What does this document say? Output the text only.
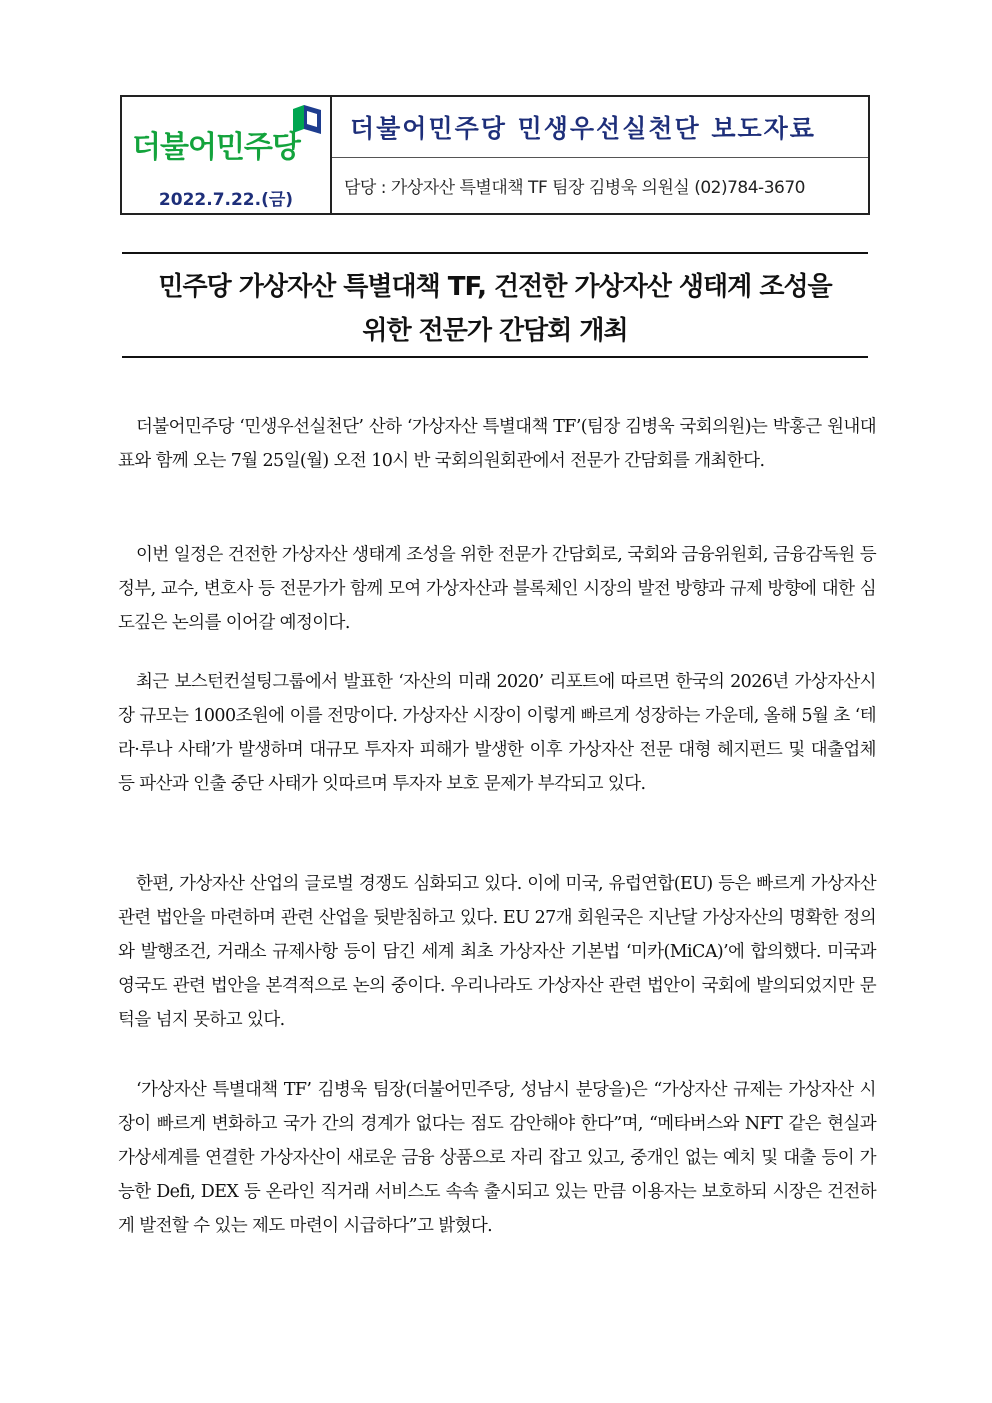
더불어민주당
2022.7.22.(금)
더불어민주당 민생우선실천단 보도자료
담당 : 가상자산 특별대책 TF 팀장 김병욱 의원실 (02)784-3670
민주당 가상자산 특별대책 TF, 건전한 가상자산 생태계 조성을
위한 전문가 간담회 개최
더불어민주당 ‘민생우선실천단’ 산하 ‘가상자산 특별대책 TF’(팀장 김병욱 국회의원)는 박홍근 원내대표와 함께 오는 7월 25일(월) 오전 10시 반 국회의원회관에서 전문가 간담회를 개최한다.
이번 일정은 건전한 가상자산 생태계 조성을 위한 전문가 간담회로, 국회와 금융위원회, 금융감독원 등 정부, 교수, 변호사 등 전문가가 함께 모여 가상자산과 블록체인 시장의 발전 방향과 규제 방향에 대한 심도깊은 논의를 이어갈 예정이다.
최근 보스턴컨설팅그룹에서 발표한 ‘자산의 미래 2020’ 리포트에 따르면 한국의 2026년 가상자산시장 규모는 1000조원에 이를 전망이다. 가상자산 시장이 이렇게 빠르게 성장하는 가운데, 올해 5월 초 ‘테라·루나 사태’가 발생하며 대규모 투자자 피해가 발생한 이후 가상자산 전문 대형 헤지펀드 및 대출업체 등 파산과 인출 중단 사태가 잇따르며 투자자 보호 문제가 부각되고 있다.
한편, 가상자산 산업의 글로벌 경쟁도 심화되고 있다. 이에 미국, 유럽연합(EU) 등은 빠르게 가상자산 관련 법안을 마련하며 관련 산업을 뒷받침하고 있다. EU 27개 회원국은 지난달 가상자산의 명확한 정의와 발행조건, 거래소 규제사항 등이 담긴 세계 최초 가상자산 기본법 ‘미카(MiCA)’에 합의했다. 미국과 영국도 관련 법안을 본격적으로 논의 중이다. 우리나라도 가상자산 관련 법안이 국회에 발의되었지만 문턱을 넘지 못하고 있다.
‘가상자산 특별대책 TF’ 김병욱 팀장(더불어민주당, 성남시 분당을)은 “가상자산 규제는 가상자산 시장이 빠르게 변화하고 국가 간의 경계가 없다는 점도 감안해야 한다”며, “메타버스와 NFT 같은 현실과 가상세계를 연결한 가상자산이 새로운 금융 상품으로 자리 잡고 있고, 중개인 없는 예치 및 대출 등이 가능한 Defi, DEX 등 온라인 직거래 서비스도 속속 출시되고 있는 만큼 이용자는 보호하되 시장은 건전하게 발전할 수 있는 제도 마련이 시급하다”고 밝혔다.
